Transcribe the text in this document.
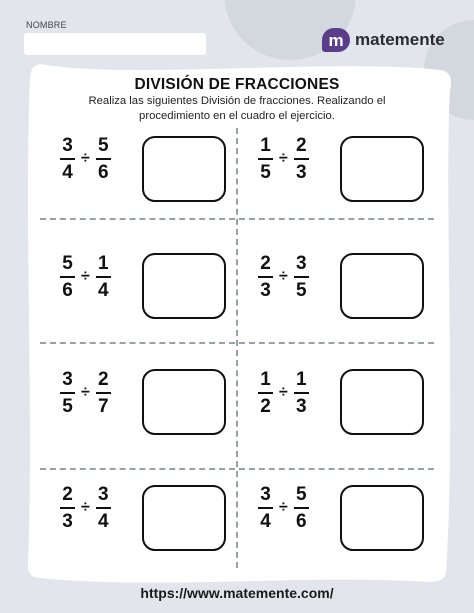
NOMBRE
m matemente
DIVISIÓN DE FRACCIONES
Realiza las siguientes División de fracciones. Realizando el procedimiento en el cuadro el ejercicio.
$\frac{3}{4} \div \frac{5}{6}$	$\frac{1}{5} \div \frac{2}{3}$
$\frac{5}{6} \div \frac{1}{4}$	$\frac{2}{3} \div \frac{3}{5}$
$\frac{3}{5} \div \frac{2}{7}$	$\frac{1}{2} \div \frac{1}{3}$
$\frac{2}{3} \div \frac{3}{4}$	$\frac{3}{4} \div \frac{5}{6}$
https://www.matemente.com/
